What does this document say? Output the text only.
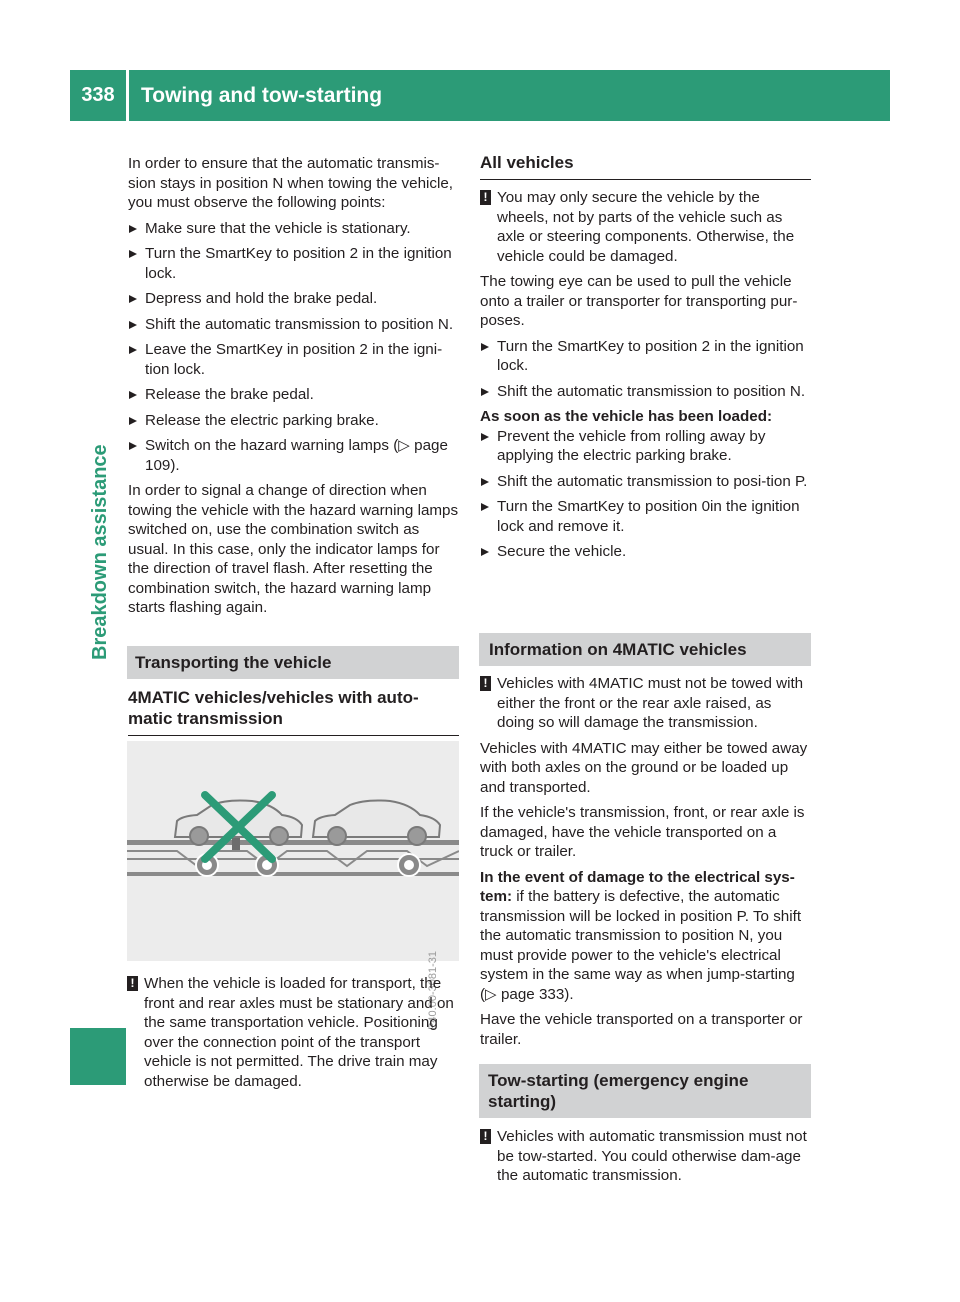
338	Towing and tow-starting
Breakdown assistance

In order to ensure that the automatic transmis-sion stays in position N when towing the vehicle, you must observe the following points:

Make sure that the vehicle is stationary.
Turn the SmartKey to position 2 in the ignition lock.
Depress and hold the brake pedal.
Shift the automatic transmission to position N.
Leave the SmartKey in position 2 in the igni-tion lock.
Release the brake pedal.
Release the electric parking brake.
Switch on the hazard warning lamps (▷ page 109).

In order to signal a change of direction when towing the vehicle with the hazard warning lamps switched on, use the combination switch as usual. In this case, only the indicator lamps for the direction of travel flash. After resetting the combination switch, the hazard warning lamp starts flashing again.

Transporting the vehicle
4MATIC vehicles/vehicles with auto-matic transmission
P40.00-3081-31
! When the vehicle is loaded for transport, the front and rear axles must be stationary and on the same transportation vehicle. Positioning over the connection point of the transport vehicle is not permitted. The drive train may otherwise be damaged.
All vehicles
! You may only secure the vehicle by the wheels, not by parts of the vehicle such as axle or steering components. Otherwise, the vehicle could be damaged.

The towing eye can be used to pull the vehicle onto a trailer or transporter for transporting pur-poses.

Turn the SmartKey to position 2 in the ignition lock.
Shift the automatic transmission to position N.

As soon as the vehicle has been loaded:

Prevent the vehicle from rolling away by applying the electric parking brake.
Shift the automatic transmission to posi-tion P.
Turn the SmartKey to position 0in the ignition lock and remove it.
Secure the vehicle.
Information on 4MATIC vehicles
! Vehicles with 4MATIC must not be towed with either the front or the rear axle raised, as doing so will damage the transmission.

Vehicles with 4MATIC may either be towed away with both axles on the ground or be loaded up and transported.

If the vehicle's transmission, front, or rear axle is damaged, have the vehicle transported on a truck or trailer.

In the event of damage to the electrical sys-tem: if the battery is defective, the automatic transmission will be locked in position P. To shift the automatic transmission to position N, you must provide power to the vehicle's electrical system in the same way as when jump-starting (▷ page 333).

Have the vehicle transported on a transporter or trailer.

Tow-starting (emergency engine starting)
! Vehicles with automatic transmission must not be tow-started. You could otherwise dam-age the automatic transmission.
